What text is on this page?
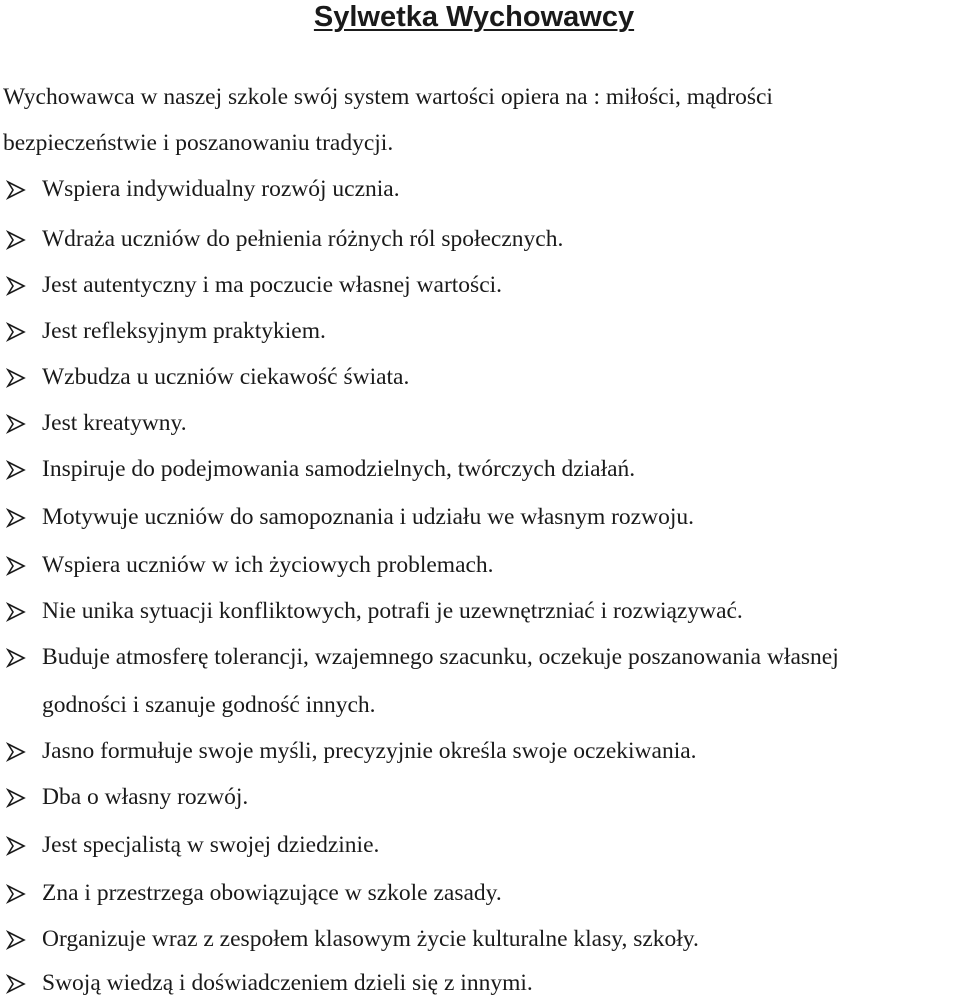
Sylwetka Wychowawcy
Wychowawca w naszej szkole swój system wartości opiera na : miłości, mądrości
bezpieczeństwie i poszanowaniu tradycji.
Wspiera indywidualny rozwój ucznia.
Wdraża uczniów do pełnienia różnych ról społecznych.
Jest autentyczny i ma poczucie własnej wartości.
Jest refleksyjnym praktykiem.
Wzbudza u uczniów ciekawość świata.
Jest kreatywny.
Inspiruje do podejmowania samodzielnych, twórczych działań.
Motywuje uczniów do samopoznania i udziału we własnym rozwoju.
Wspiera uczniów w ich życiowych problemach.
Nie unika sytuacji konfliktowych, potrafi je uzewnętrzniać i rozwiązywać.
Buduje atmosferę tolerancji, wzajemnego szacunku, oczekuje poszanowania własnej
godności i szanuje godność innych.
Jasno formułuje swoje myśli, precyzyjnie określa swoje oczekiwania.
Dba o własny rozwój.
Jest specjalistą w swojej dziedzinie.
Zna i przestrzega obowiązujące w szkole zasady.
Organizuje wraz z zespołem klasowym życie kulturalne klasy, szkoły.
Swoją wiedzą i doświadczeniem dzieli się z innymi.
